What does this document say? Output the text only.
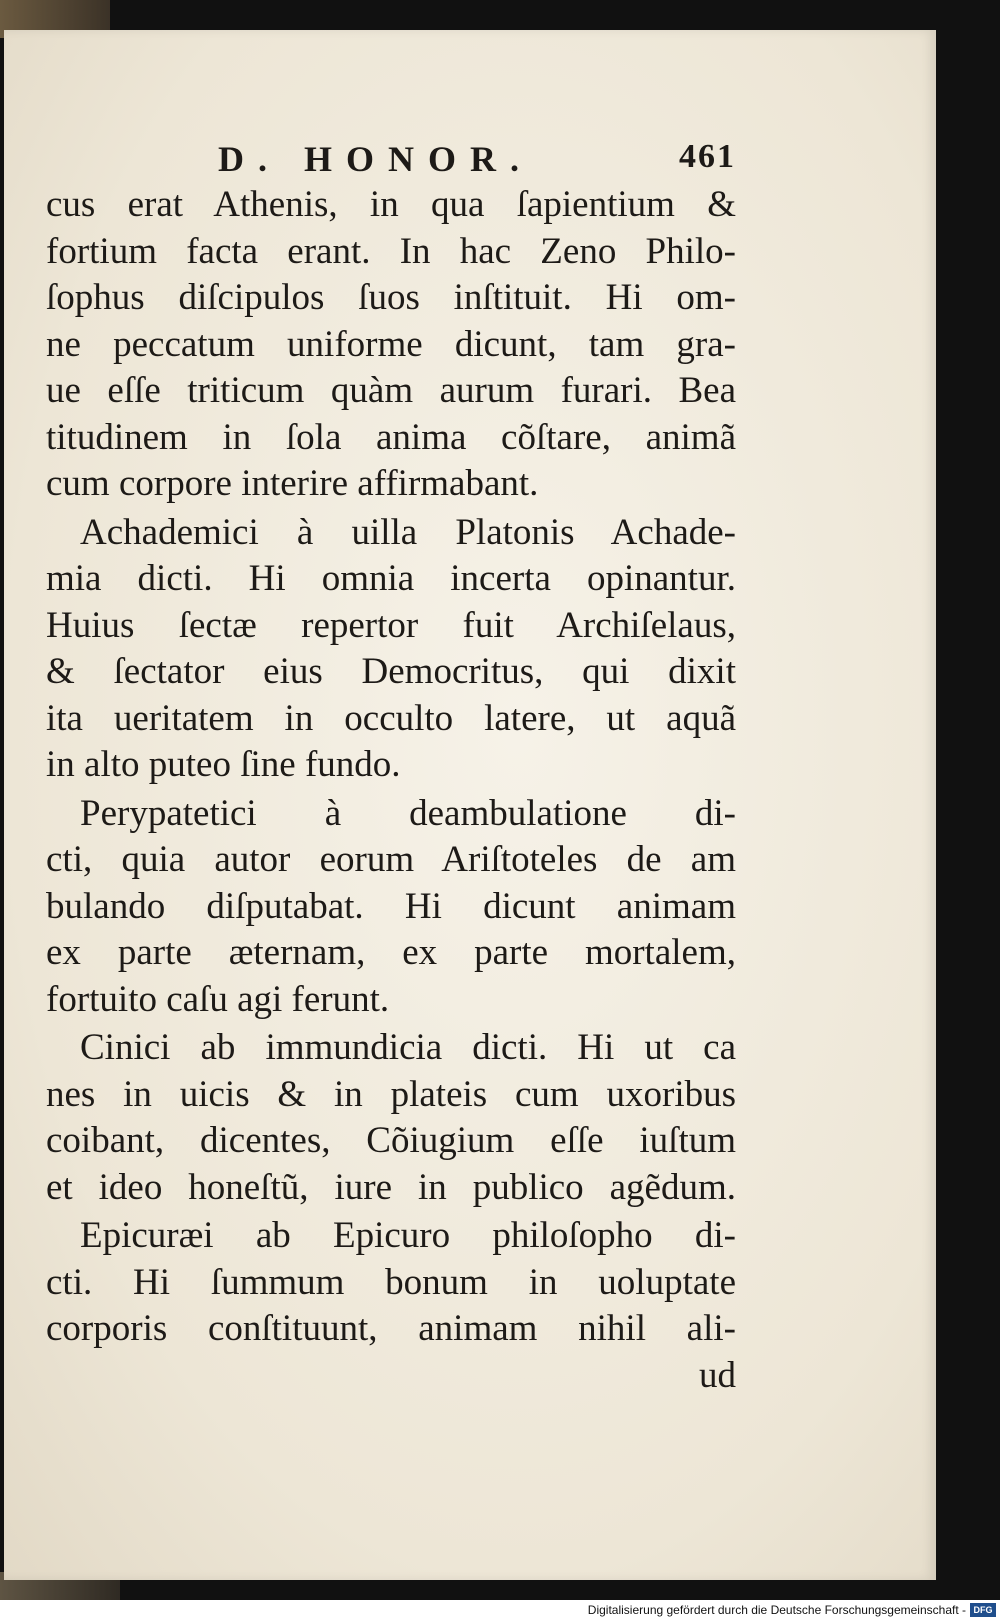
D. HONOR.	461
cus erat Athenis, in qua ſapientium &
fortium facta erant. In hac Zeno Philo-
ſophus diſcipulos ſuos inſtituit. Hi om-
ne peccatum uniforme dicunt, tam gra-
ue eſſe triticum quàm aurum furari. Bea
titudinem in ſola anima cõſtare, animã
cum corpore interire affirmabant.
Achademici à uilla Platonis Achade-
mia dicti. Hi omnia incerta opinantur.
Huius ſectæ repertor fuit Archiſelaus,
& ſectator eius Democritus, qui dixit
ita ueritatem in occulto latere, ut aquã
in alto puteo ſine fundo.
Perypatetici à deambulatione di-
cti, quia autor eorum Ariſtoteles de am
bulando diſputabat. Hi dicunt animam
ex parte æternam, ex parte mortalem,
fortuito caſu agi ferunt.
Cinici ab immundicia dicti. Hi ut ca
nes in uicis & in plateis cum uxoribus
coibant, dicentes, Cõiugium eſſe iuſtum
et ideo honeſtũ, iure in publico agẽdum.
Epicuræi ab Epicuro philoſopho di-
cti. Hi ſummum bonum in uoluptate
corporis conſtituunt, animam nihil ali-
ud
Digitalisierung gefördert durch die Deutsche Forschungsgemeinschaft - DFG
